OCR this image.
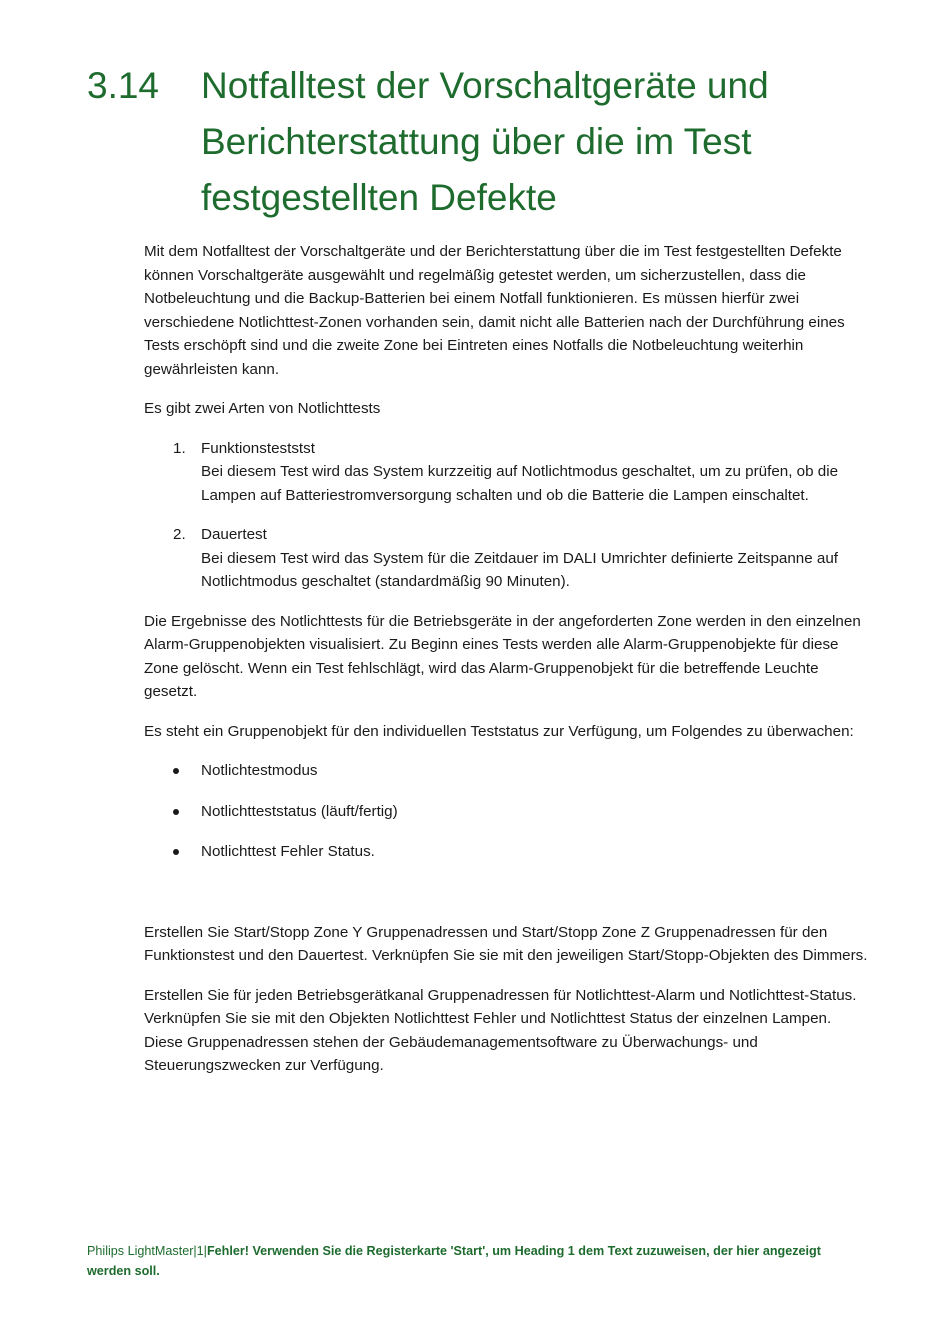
3.14 Notfalltest der Vorschaltgeräte und Berichterstattung über die im Test festgestellten Defekte

Mit dem Notfalltest der Vorschaltgeräte und der Berichterstattung über die im Test festgestellten Defekte können Vorschaltgeräte ausgewählt und regelmäßig getestet werden, um sicherzustellen, dass die Notbeleuchtung und die Backup-Batterien bei einem Notfall funktionieren. Es müssen hierfür zwei verschiedene Notlichttest-Zonen vorhanden sein, damit nicht alle Batterien nach der Durchführung eines Tests erschöpft sind und die zweite Zone bei Eintreten eines Notfalls die Notbeleuchtung weiterhin gewährleisten kann.

Es gibt zwei Arten von Notlichttests

1. Funktionsteststst
Bei diesem Test wird das System kurzzeitig auf Notlichtmodus geschaltet, um zu prüfen, ob die Lampen auf Batteriestromversorgung schalten und ob die Batterie die Lampen einschaltet.
2. Dauertest
Bei diesem Test wird das System für die Zeitdauer im DALI Umrichter definierte Zeitspanne auf Notlichtmodus geschaltet (standardmäßig 90 Minuten).

Die Ergebnisse des Notlichttests für die Betriebsgeräte in der angeforderten Zone werden in den einzelnen Alarm-Gruppenobjekten visualisiert. Zu Beginn eines Tests werden alle Alarm-Gruppenobjekte für diese Zone gelöscht. Wenn ein Test fehlschlägt, wird das Alarm-Gruppenobjekt für die betreffende Leuchte gesetzt.

Es steht ein Gruppenobjekt für den individuellen Teststatus zur Verfügung, um Folgendes zu überwachen:

Notlichtestmodus
Notlichtteststatus (läuft/fertig)
Notlichttest Fehler Status.

Erstellen Sie Start/Stopp Zone Y Gruppenadressen und Start/Stopp Zone Z Gruppenadressen für den Funktionstest und den Dauertest. Verknüpfen Sie sie mit den jeweiligen Start/Stopp-Objekten des Dimmers.

Erstellen Sie für jeden Betriebsgerätkanal Gruppenadressen für Notlichttest-Alarm und Notlichttest-Status. Verknüpfen Sie sie mit den Objekten Notlichttest Fehler und Notlichttest Status der einzelnen Lampen. Diese Gruppenadressen stehen der Gebäudemanagementsoftware zu Überwachungs- und Steuerungszwecken zur Verfügung.

Philips LightMaster|1|Fehler! Verwenden Sie die Registerkarte 'Start', um Heading 1 dem Text zuzuweisen, der hier angezeigt werden soll.
